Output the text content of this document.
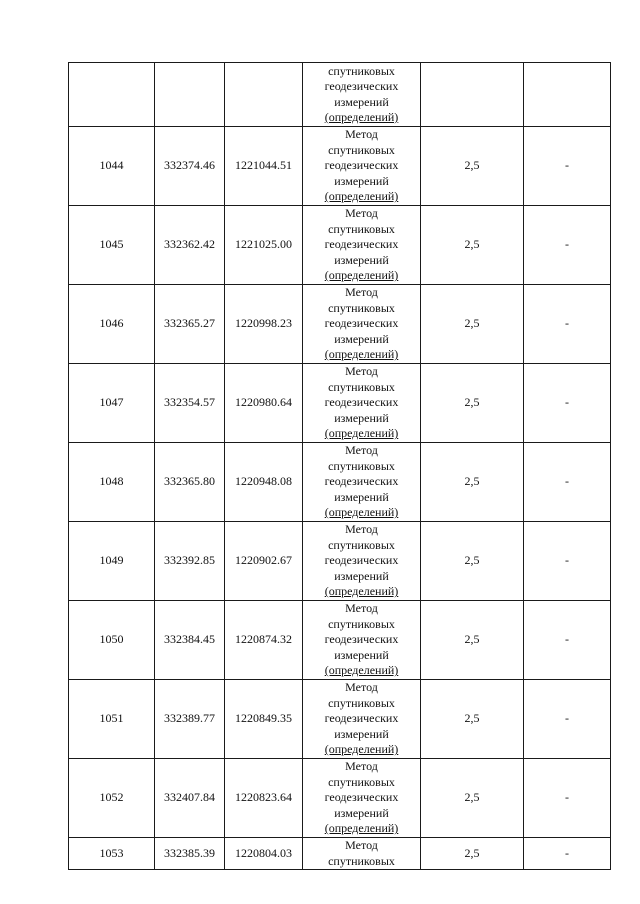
			спутниковых
геодезических
измерений
(определений)		

1044	332374.46	1221044.51	Метод
спутниковых
геодезических
измерений
(определений)	2,5	-
1045	332362.42	1221025.00	Метод
спутниковых
геодезических
измерений
(определений)	2,5	-
1046	332365.27	1220998.23	Метод
спутниковых
геодезических
измерений
(определений)	2,5	-
1047	332354.57	1220980.64	Метод
спутниковых
геодезических
измерений
(определений)	2,5	-
1048	332365.80	1220948.08	Метод
спутниковых
геодезических
измерений
(определений)	2,5	-
1049	332392.85	1220902.67	Метод
спутниковых
геодезических
измерений
(определений)	2,5	-
1050	332384.45	1220874.32	Метод
спутниковых
геодезических
измерений
(определений)	2,5	-
1051	332389.77	1220849.35	Метод
спутниковых
геодезических
измерений
(определений)	2,5	-
1052	332407.84	1220823.64	Метод
спутниковых
геодезических
измерений
(определений)	2,5	-
1053	332385.39	1220804.03	Метод
спутниковых	2,5	-
